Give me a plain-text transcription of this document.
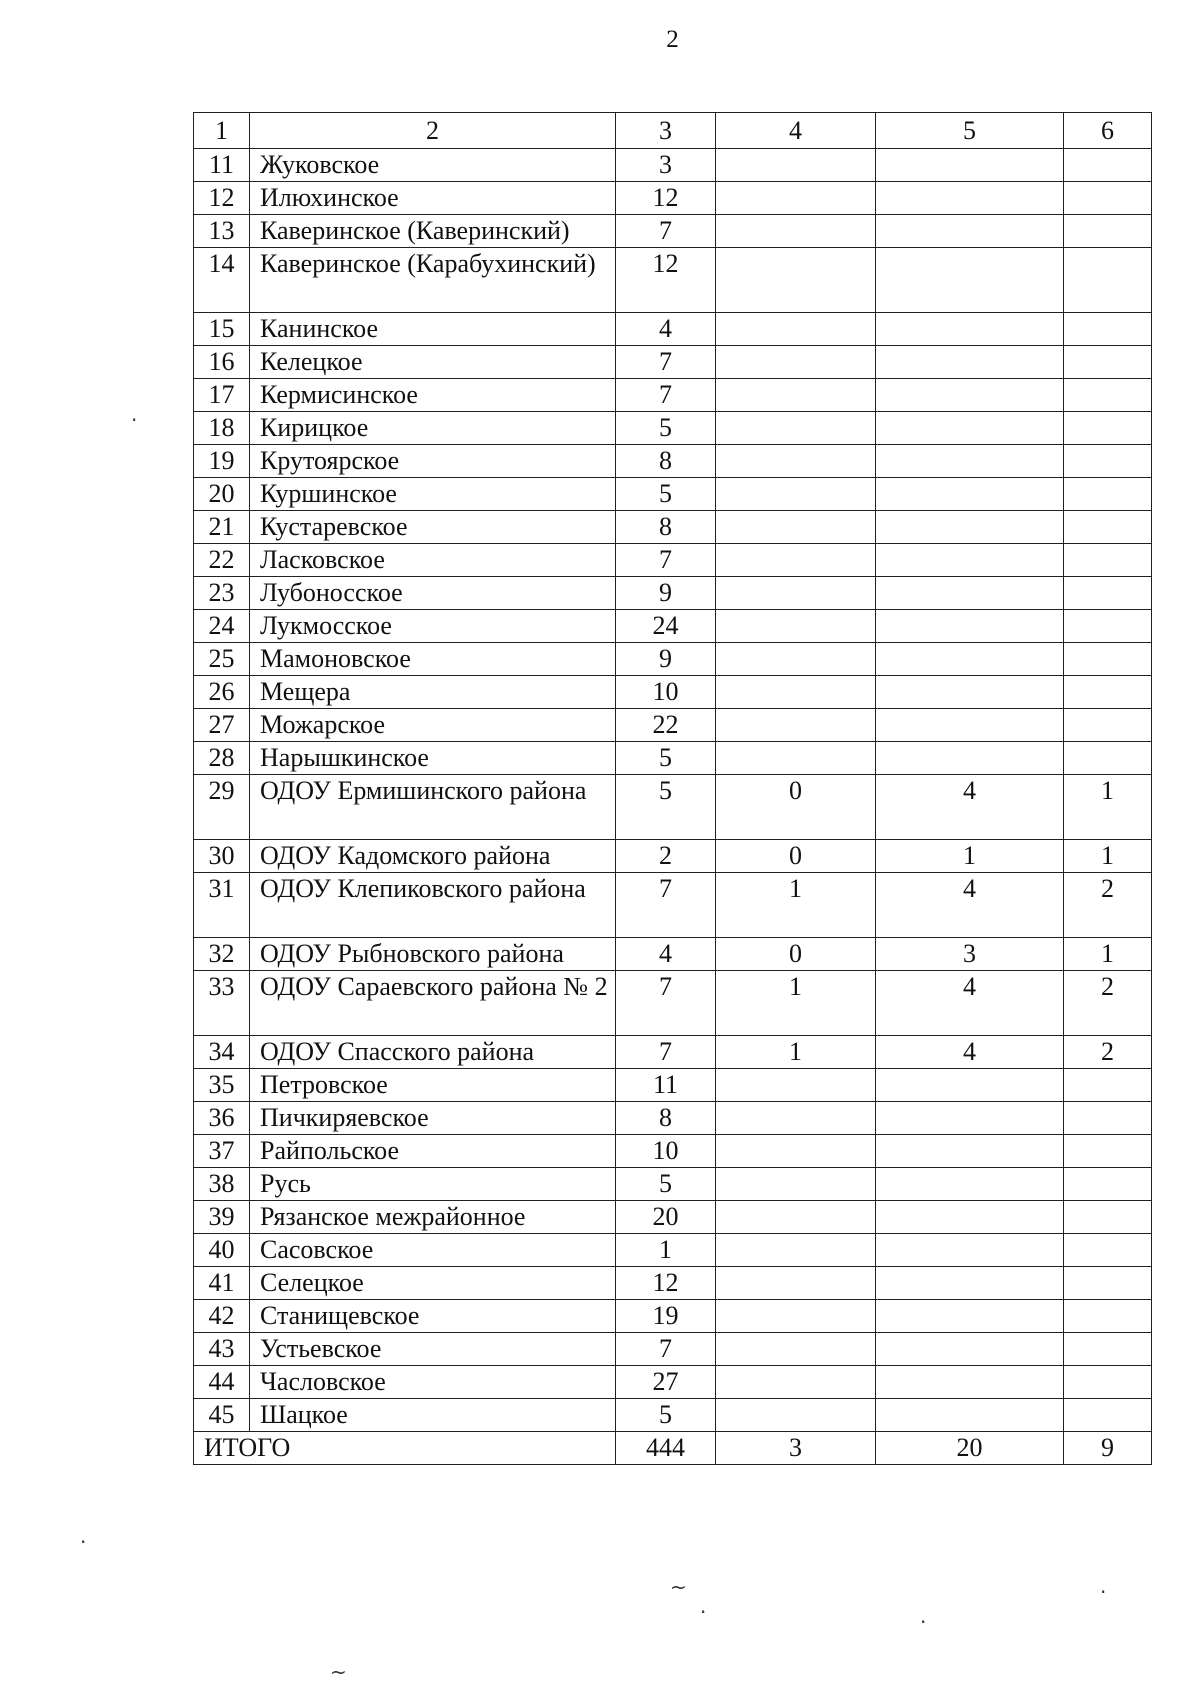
2
1	2	3	4	5	6
11	Жуковское	3			
12	Илюхинское	12			
13	Каверинское (Каверинский)	7			
14	Каверинское (Карабухинский)	12			
15	Канинское	4			
16	Келецкое	7			
17	Кермисинское	7			
18	Кирицкое	5			
19	Крутоярское	8			
20	Куршинское	5			
21	Кустаревское	8			
22	Ласковское	7			
23	Лубоносское	9			
24	Лукмосское	24			
25	Мамоновское	9			
26	Мещера	10			
27	Можарское	22			
28	Нарышкинское	5			
29	ОДОУ Ермишинского района	5	0	4	1
30	ОДОУ Кадомского района	2	0	1	1
31	ОДОУ Клепиковского района	7	1	4	2
32	ОДОУ Рыбновского района	4	0	3	1
33	ОДОУ Сараевского района № 2	7	1	4	2
34	ОДОУ Спасского района	7	1	4	2
35	Петровское	11			
36	Пичкиряевское	8			
37	Райпольское	10			
38	Русь	5			
39	Рязанское межрайонное	20			
40	Сасовское	1			
41	Селецкое	12			
42	Станищевское	19			
43	Устьевское	7			
44	Часловское	27			
45	Шацкое	5			
ИТОГО		444	3	20	9
·
·
~
·
~
·
·
